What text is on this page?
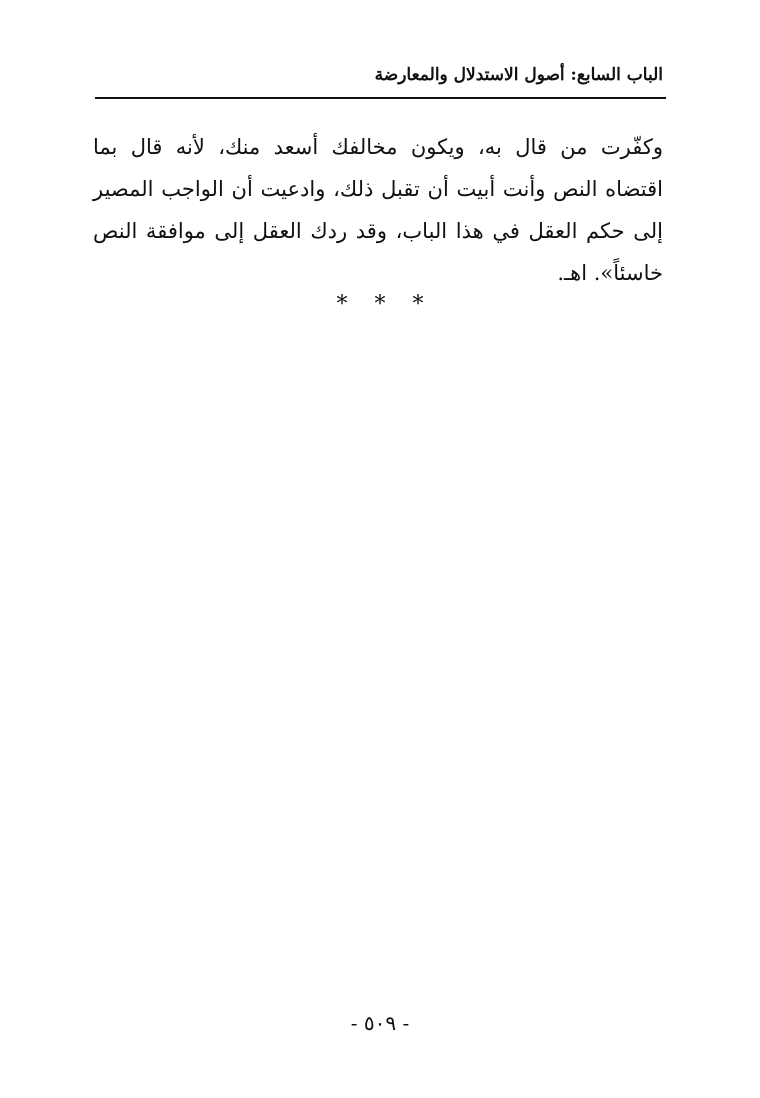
الباب السابع: أصول الاستدلال والمعارضة
وكفّرت من قال به، ويكون مخالفك أسعد منك، لأنه قال بما
اقتضاه النص وأنت أبيت أن تقبل ذلك، وادعيت أن الواجب المصير
إلى حكم العقل في هذا الباب، وقد ردك العقل إلى موافقة النص
خاسئاً». اهـ.
* * *
- ٥٠٩ -
